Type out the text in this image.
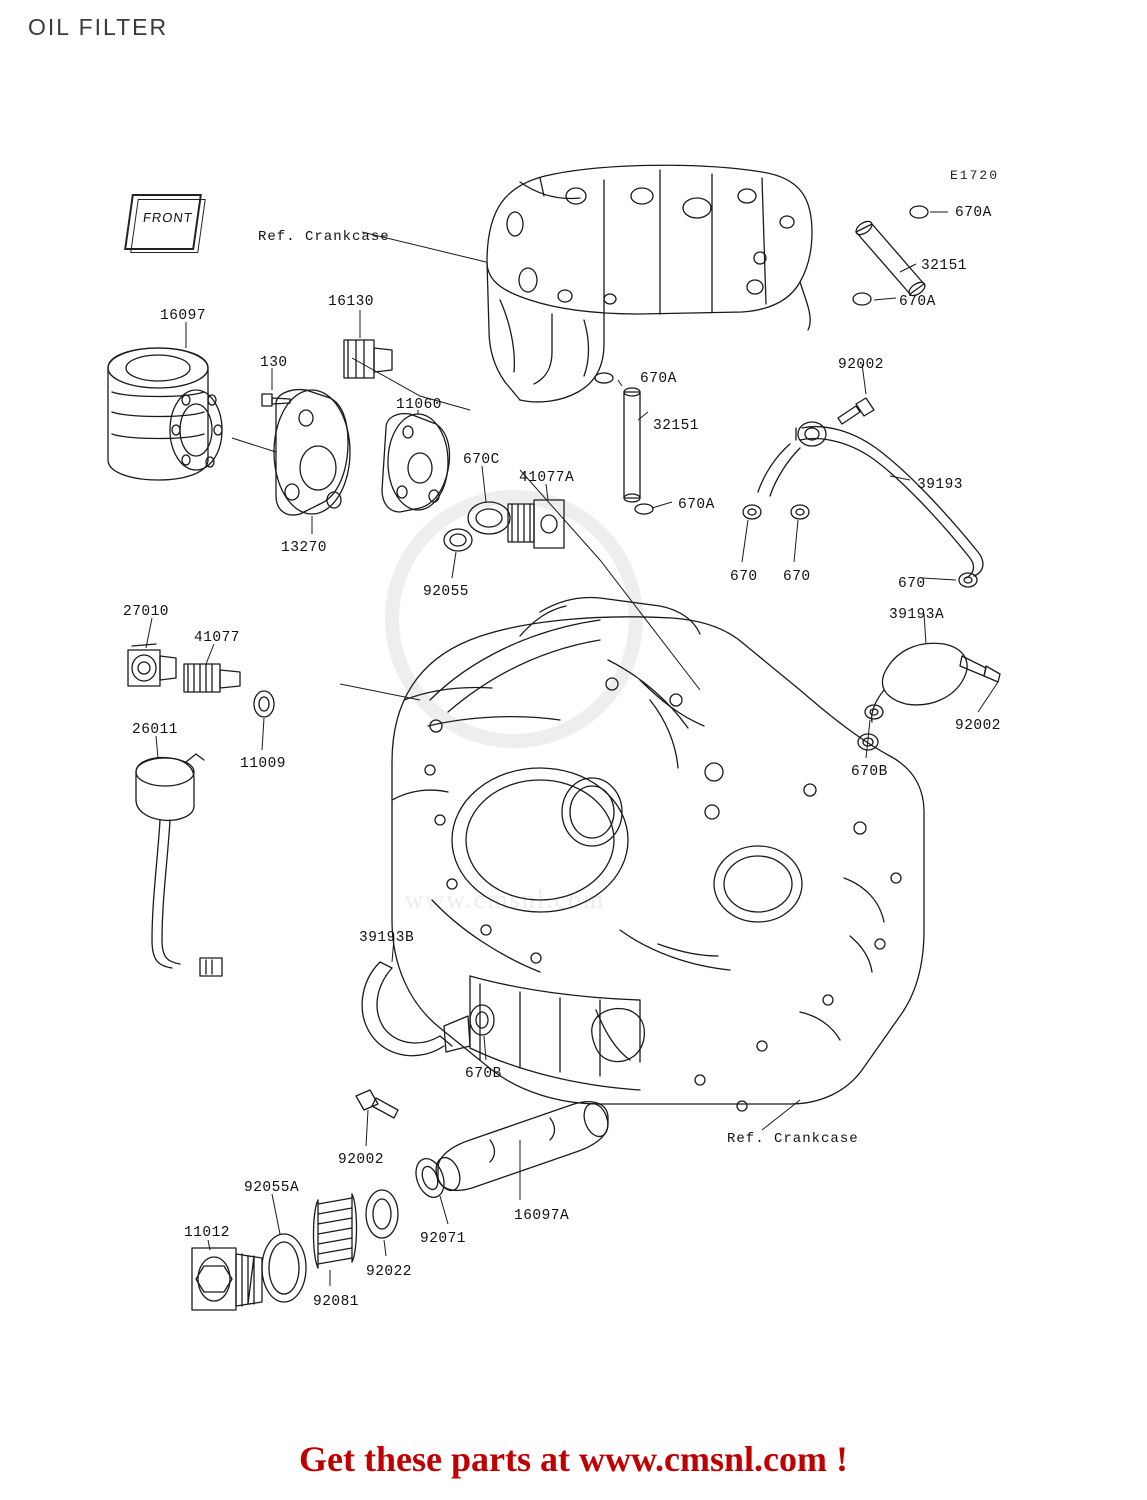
OIL FILTER
E1720
FRONT
www.cmsnl.com
Ref. Crankcase
Ref. Crankcase
670A
32151
670A
16097
16130
130	92002
670A
11060
32151
670C
41077A	39193
670A
13270
92055
670 670	670
39193A
27010
41077
92002
26011
11009	670B
39193B
670B
92002
16097A
92071
92055A
92022
11012
92081
Get these parts at www.cmsnl.com !
